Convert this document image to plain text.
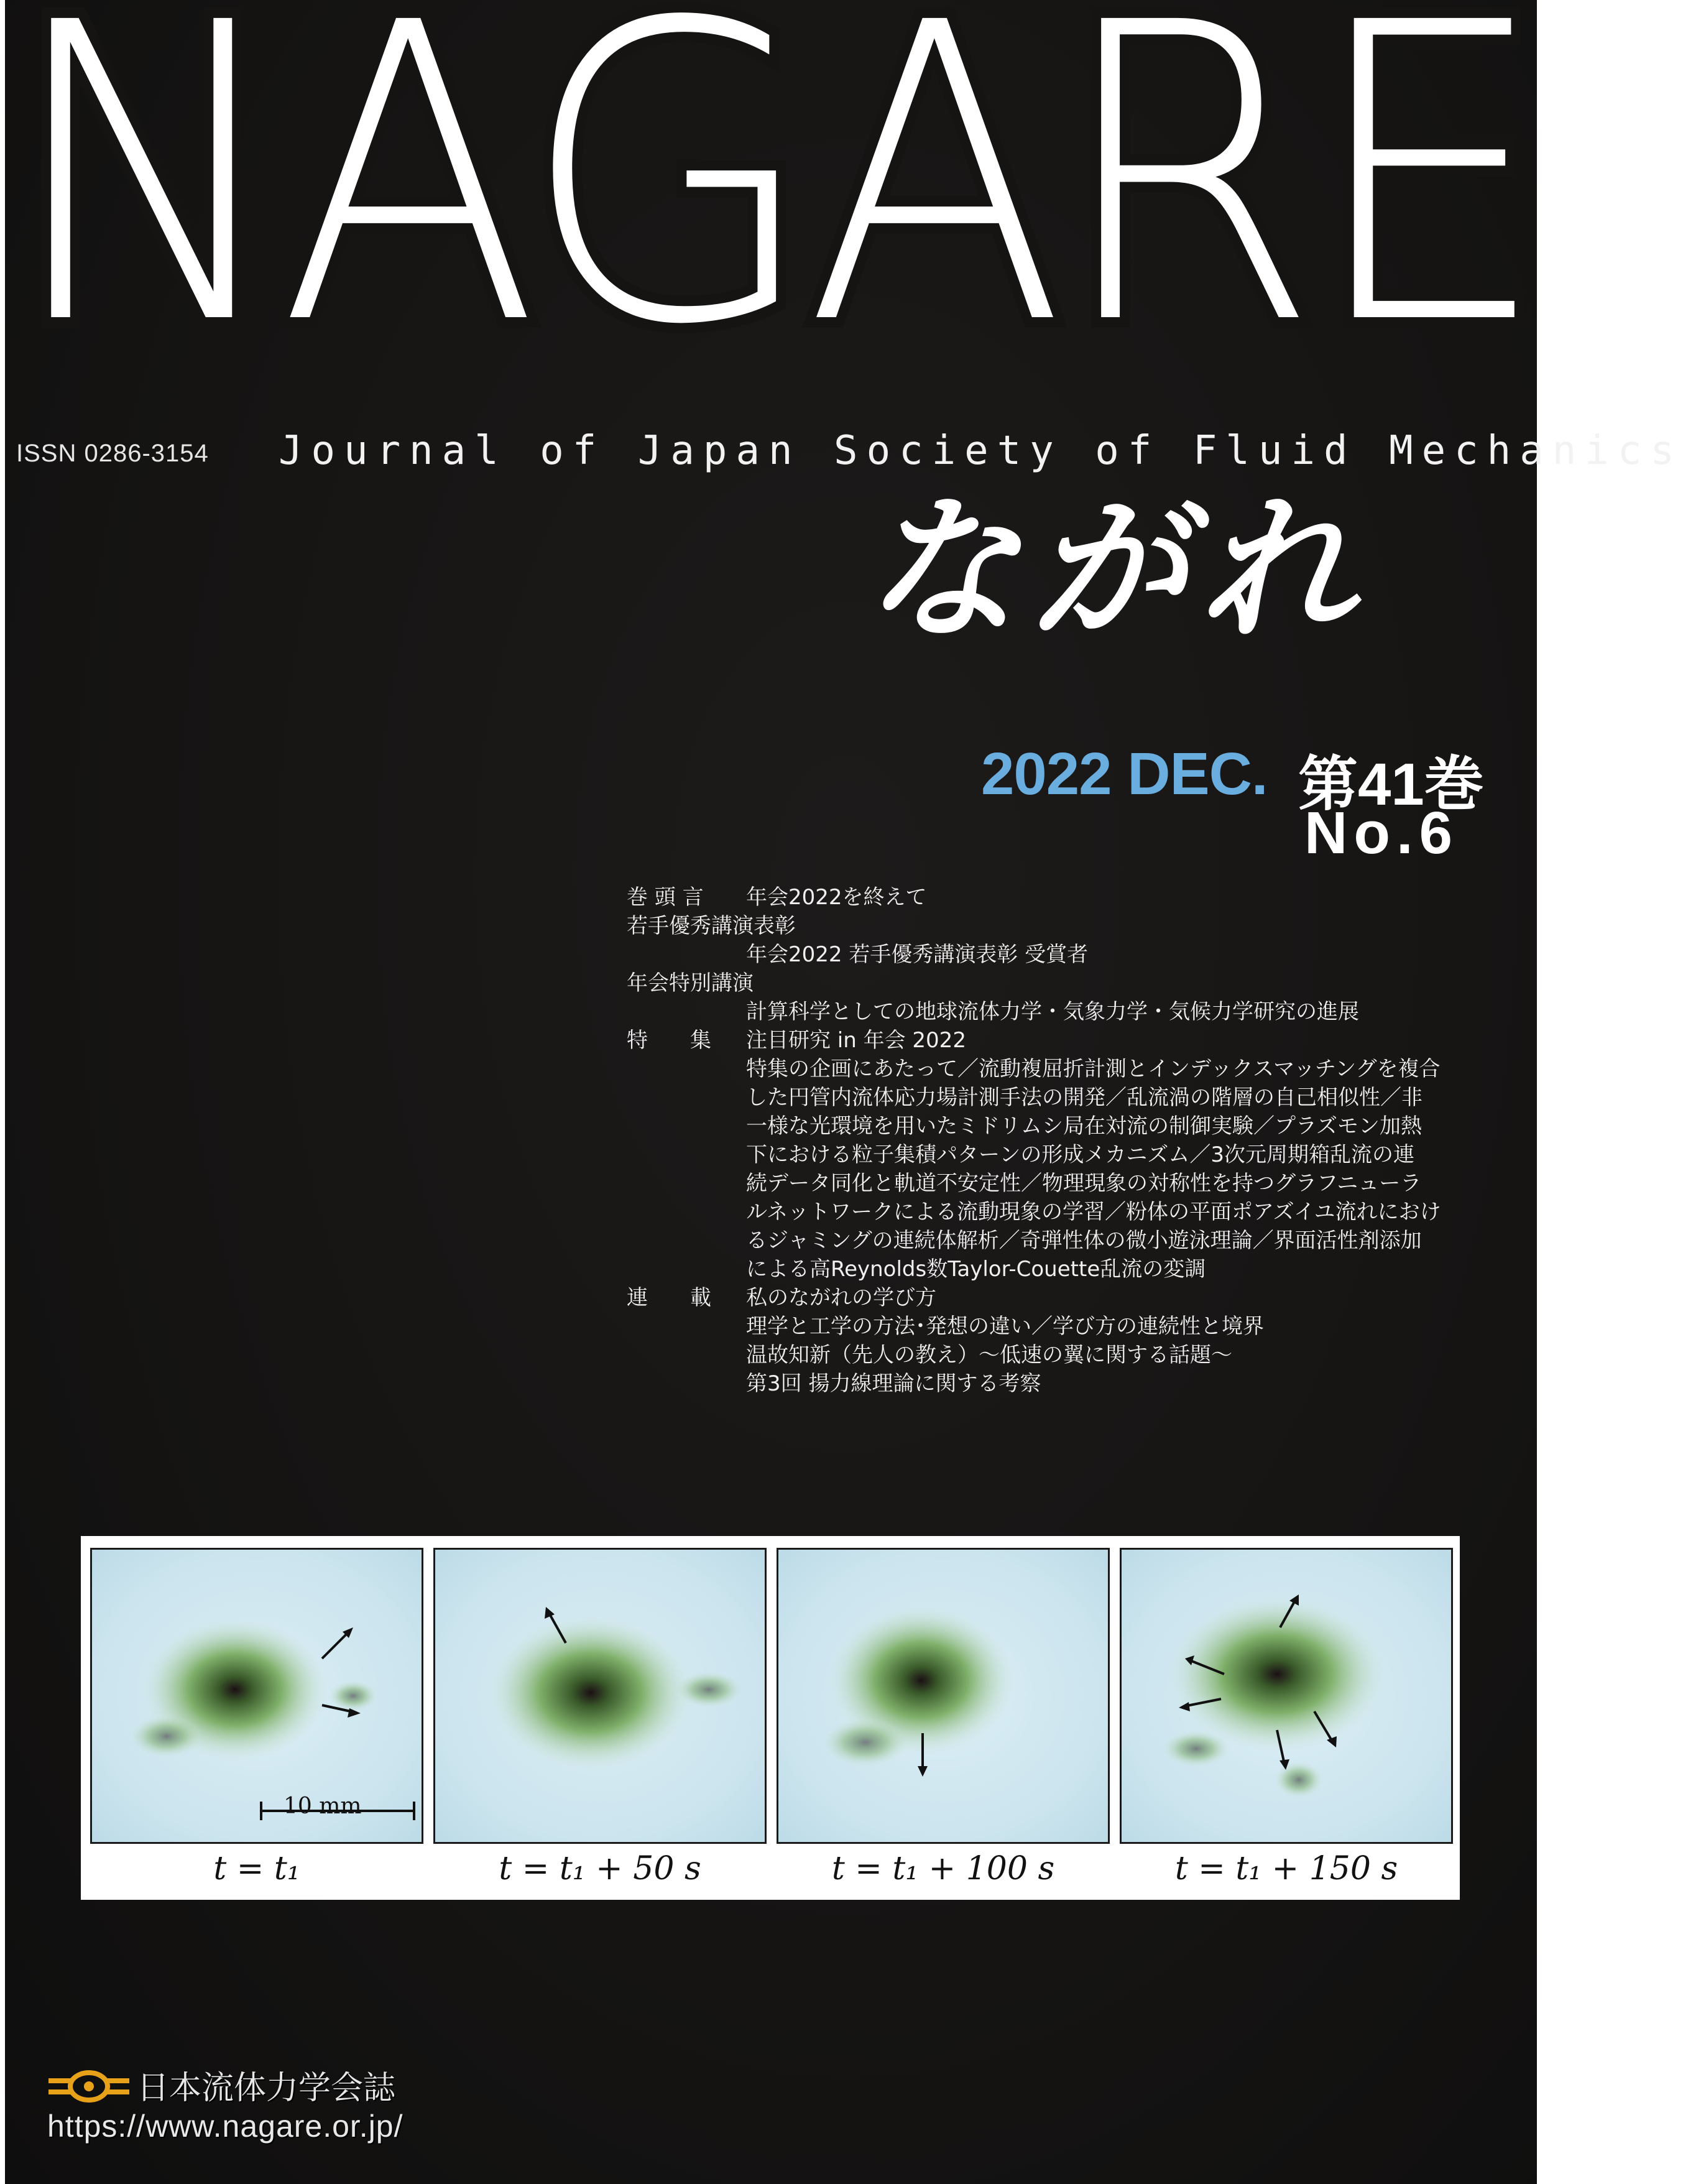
NAGARE
ISSN 0286-3154 Journal of Japan Society of Fluid Mechanics
ながれ
2022 DEC. 第41巻
No.6
巻 頭 言	年会2022を終えて
若手優秀講演表彰
年会2022 若手優秀講演表彰 受賞者
年会特別講演
計算科学としての地球流体力学・気象力学・気候力学研究の進展
特　　集	注目研究 in 年会 2022
特集の企画にあたって／流動複屈折計測とインデックスマッチングを複合
した円管内流体応力場計測手法の開発／乱流渦の階層の自己相似性／非
一様な光環境を用いたミドリムシ局在対流の制御実験／プラズモン加熱
下における粒子集積パターンの形成メカニズム／3次元周期箱乱流の連
続データ同化と軌道不安定性／物理現象の対称性を持つグラフニューラ
ルネットワークによる流動現象の学習／粉体の平面ポアズイユ流れにおけ
るジャミングの連続体解析／奇弾性体の微小遊泳理論／界面活性剤添加
による高Reynolds数Taylor-Couette乱流の変調
連　　載	私のながれの学び方
理学と工学の方法･発想の違い／学び方の連続性と境界
温故知新（先人の教え）～低速の翼に関する話題～
第3回 揚力線理論に関する考察
10 mm
t = t₁	t = t₁ + 50 s	t = t₁ + 100 s	t = t₁ + 150 s
日本流体力学会誌
https://www.nagare.or.jp/
